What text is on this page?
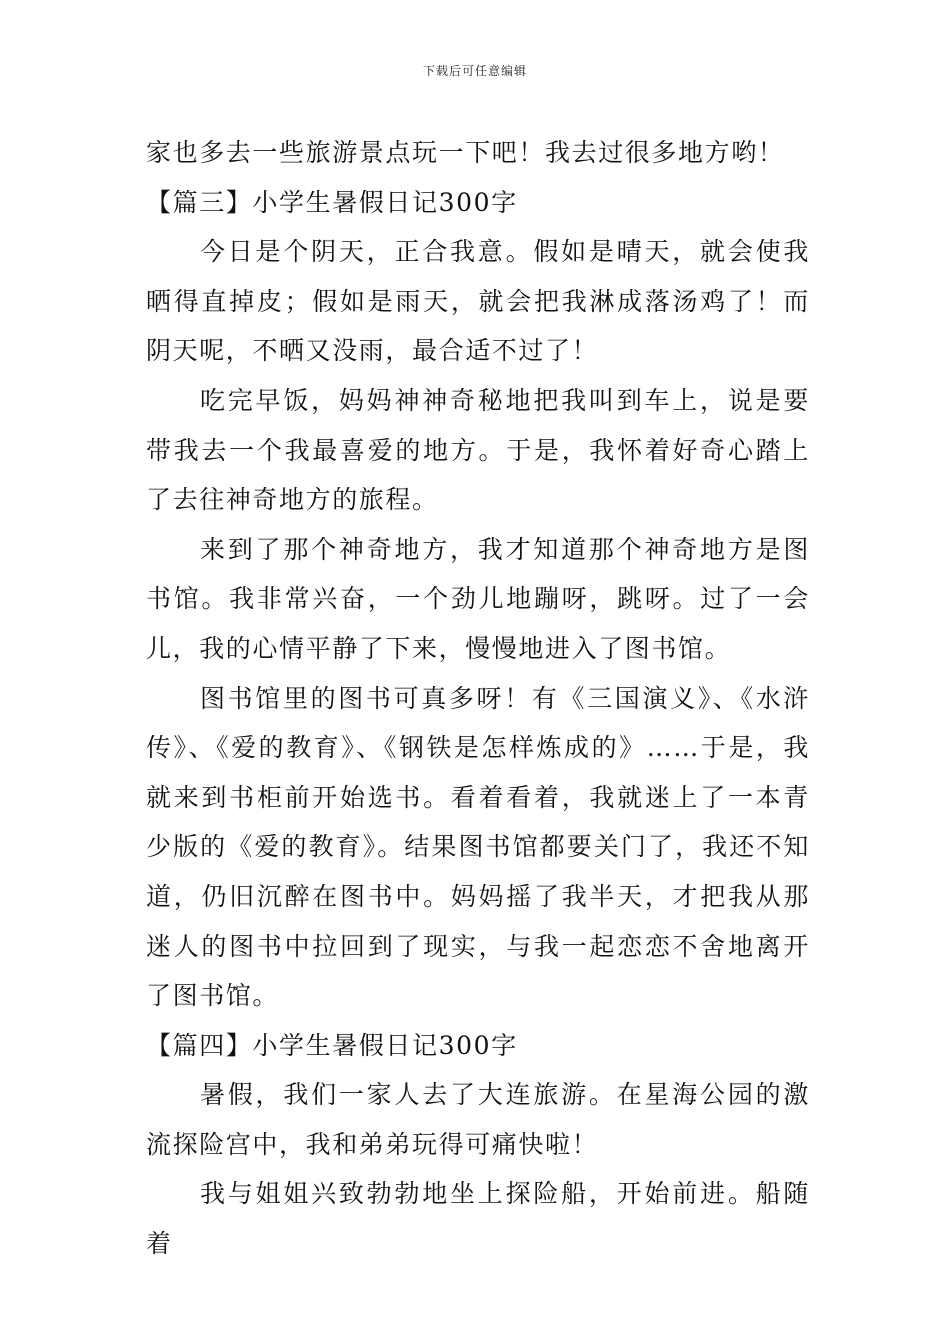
下载后可任意编辑

家也多去一些旅游景点玩一下吧！我去过很多地方哟！

【篇三】小学生暑假日记300字

今日是个阴天，正合我意。假如是晴天，就会使我晒得直掉皮；假如是雨天，就会把我淋成落汤鸡了！而阴天呢，不晒又没雨，最合适不过了！

吃完早饭，妈妈神神奇秘地把我叫到车上，说是要带我去一个我最喜爱的地方。于是，我怀着好奇心踏上了去往神奇地方的旅程。

来到了那个神奇地方，我才知道那个神奇地方是图书馆。我非常兴奋，一个劲儿地蹦呀，跳呀。过了一会儿，我的心情平静了下来，慢慢地进入了图书馆。

图书馆里的图书可真多呀！有《三国演义》、《水浒传》、《爱的教育》、《钢铁是怎样炼成的》……于是，我就来到书柜前开始选书。看着看着，我就迷上了一本青少版的《爱的教育》。结果图书馆都要关门了，我还不知道，仍旧沉醉在图书中。妈妈摇了我半天，才把我从那迷人的图书中拉回到了现实，与我一起恋恋不舍地离开了图书馆。

【篇四】小学生暑假日记300字

暑假，我们一家人去了大连旅游。在星海公园的激流探险宫中，我和弟弟玩得可痛快啦！

我与姐姐兴致勃勃地坐上探险船，开始前进。船随着
